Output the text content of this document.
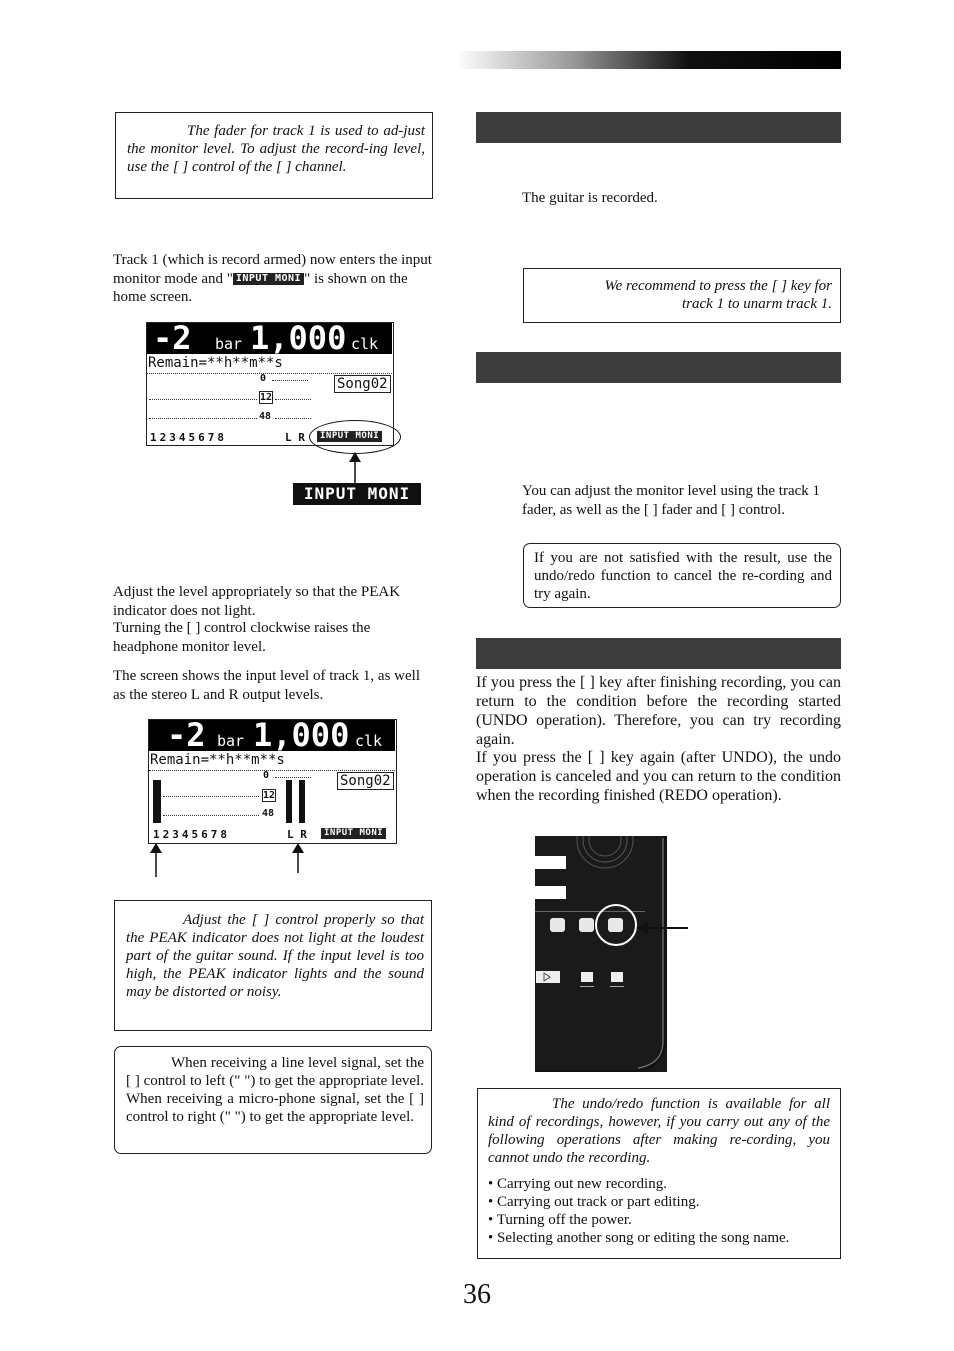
The fader for track 1 is used to ad-just the monitor level. To adjust the record-ing level, use the [ ] control of the [ ] channel.

Track 1 (which is record armed) now enters the input monitor mode and " INPUT MONI " is shown on the home screen.

-2 bar 1,000 clk
Remain=**h**m**s
0	Song02
12
48
12345678	L R	INPUT MONI
INPUT MONI

Adjust the level appropriately so that the PEAK indicator does not light.

Turning the [ ] control clockwise raises the headphone monitor level.

The screen shows the input level of track 1, as well as the stereo L and R output levels.

-2 bar 1,000 clk
Remain=**h**m**s
0	Song02
12
48
12345678	L R	INPUT MONI

Adjust the [ ] control properly so that the PEAK indicator does not light at the loudest part of the guitar sound. If the input level is too high, the PEAK indicator lights and the sound may be distorted or noisy.

When receiving a line level signal, set the [ ] control to left (" ") to get the appropriate level. When receiving a micro-phone signal, set the [ ] control to right (" ") to get the appropriate level.

The guitar is recorded.

We recommend to press the [ ] key for track 1 to unarm track 1.

You can adjust the monitor level using the track 1 fader, as well as the [ ] fader and [ ] control.

If you are not satisfied with the result, use the undo/redo function to cancel the re-cording and try again.

If you press the [ ] key after finishing recording, you can return to the condition before the recording started (UNDO operation). Therefore, you can try recording again.

If you press the [ ] key again (after UNDO), the undo operation is canceled and you can return to the condition when the recording finished (REDO operation).

The undo/redo function is available for all kind of recordings, however, if you carry out any of the following operations after making re-cording, you cannot undo the recording.

• Carrying out new recording.
• Carrying out track or part editing.
• Turning off the power.
• Selecting another song or editing the song name.
36
